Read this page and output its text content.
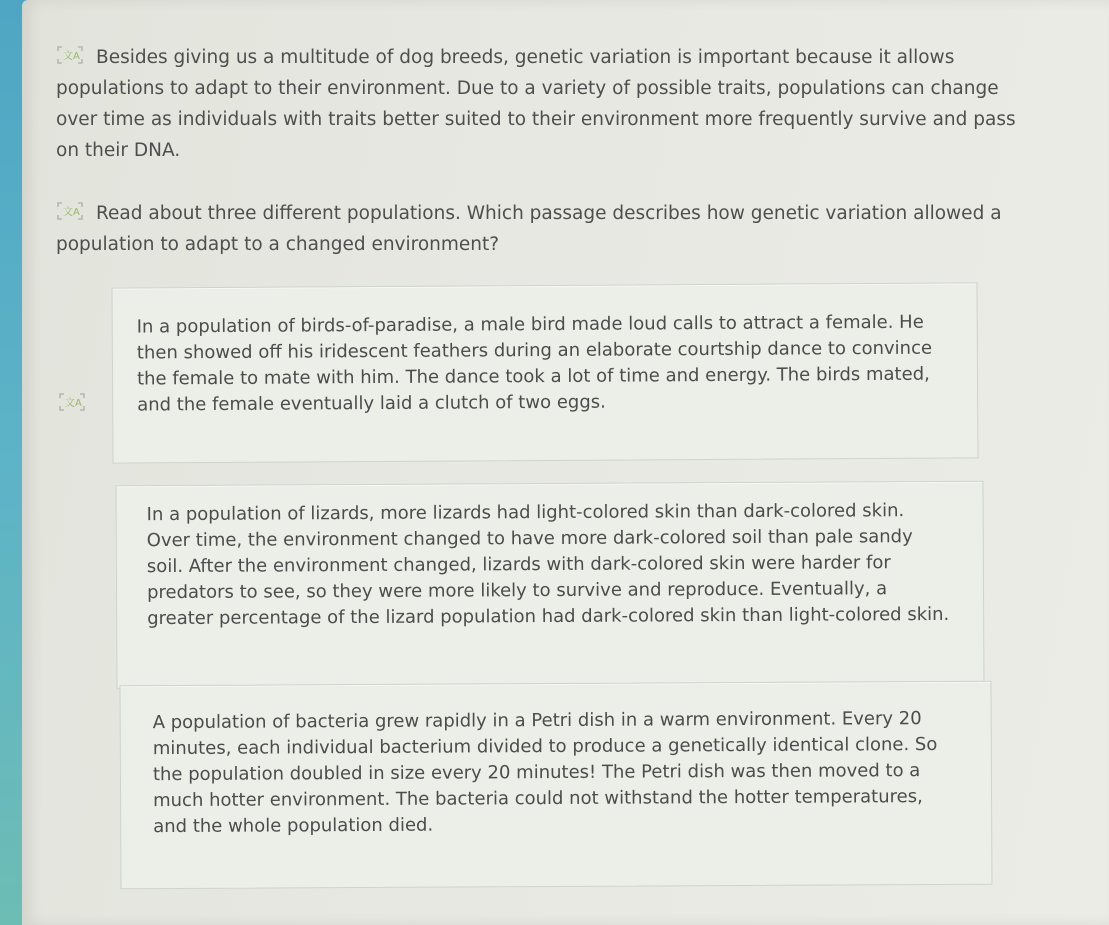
文A Besides giving us a multitude of dog breeds, genetic variation is important because it allows populations to adapt to their environment. Due to a variety of possible traits, populations can change over time as individuals with traits better suited to their environment more frequently survive and pass on their DNA.

文A Read about three different populations. Which passage describes how genetic variation allowed a population to adapt to a changed environment?

文A

In a population of birds-of-paradise, a male bird made loud calls to attract a female. He then showed off his iridescent feathers during an elaborate courtship dance to convince the female to mate with him. The dance took a lot of time and energy. The birds mated, and the female eventually laid a clutch of two eggs.

In a population of lizards, more lizards had light-colored skin than dark-colored skin. Over time, the environment changed to have more dark-colored soil than pale sandy soil. After the environment changed, lizards with dark-colored skin were harder for predators to see, so they were more likely to survive and reproduce. Eventually, a greater percentage of the lizard population had dark-colored skin than light-colored skin.

A population of bacteria grew rapidly in a Petri dish in a warm environment. Every 20 minutes, each individual bacterium divided to produce a genetically identical clone. So the population doubled in size every 20 minutes! The Petri dish was then moved to a much hotter environment. The bacteria could not withstand the hotter temperatures, and the whole population died.
